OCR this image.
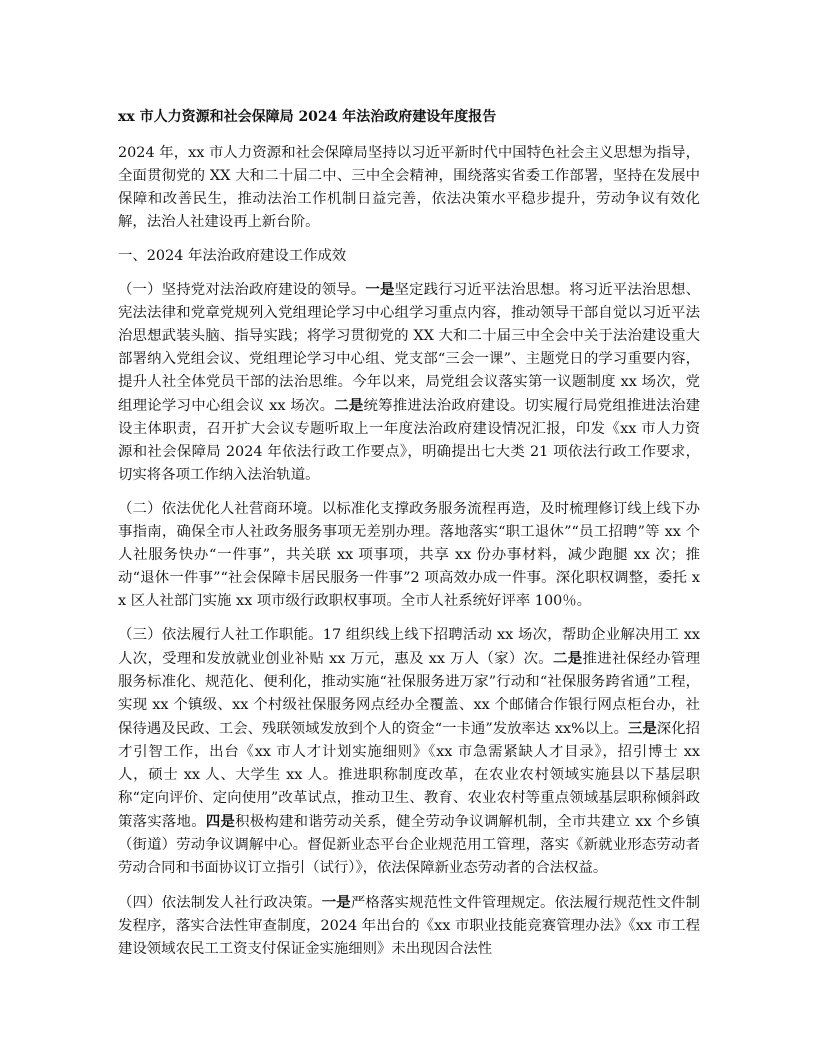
xx 市人力资源和社会保障局 2024 年法治政府建设年度报告

2024 年，xx 市人力资源和社会保障局坚持以习近平新时代中国特色社会主义思想为指导，全面贯彻党的 XX 大和二十届二中、三中全会精神，围绕落实省委工作部署，坚持在发展中保障和改善民生，推动法治工作机制日益完善，依法决策水平稳步提升，劳动争议有效化解，法治人社建设再上新台阶。

一、2024 年法治政府建设工作成效

（一）坚持党对法治政府建设的领导。一是坚定践行习近平法治思想。将习近平法治思想、宪法法律和党章党规列入党组理论学习中心组学习重点内容，推动领导干部自觉以习近平法治思想武装头脑、指导实践；将学习贯彻党的 XX 大和二十届三中全会中关于法治建设重大部署纳入党组会议、党组理论学习中心组、党支部“三会一课”、主题党日的学习重要内容，提升人社全体党员干部的法治思维。今年以来，局党组会议落实第一议题制度 xx 场次，党组理论学习中心组会议 xx 场次。二是统筹推进法治政府建设。切实履行局党组推进法治建设主体职责，召开扩大会议专题听取上一年度法治政府建设情况汇报，印发《xx 市人力资源和社会保障局 2024 年依法行政工作要点》，明确提出七大类 21 项依法行政工作要求，切实将各项工作纳入法治轨道。

（二）依法优化人社营商环境。以标准化支撑政务服务流程再造，及时梳理修订线上线下办事指南，确保全市人社政务服务事项无差别办理。落地落实“职工退休”“员工招聘”等 xx 个人社服务快办“一件事”，共关联 xx 项事项，共享 xx 份办事材料，减少跑腿 xx 次；推动“退休一件事”“社会保障卡居民服务一件事”2 项高效办成一件事。深化职权调整，委托 xx 区人社部门实施 xx 项市级行政职权事项。全市人社系统好评率 100％。

（三）依法履行人社工作职能。17 组织线上线下招聘活动 xx 场次，帮助企业解决用工 xx 人次，受理和发放就业创业补贴 xx 万元，惠及 xx 万人（家）次。二是推进社保经办管理服务标准化、规范化、便利化，推动实施“社保服务进万家”行动和“社保服务跨省通”工程，实现 xx 个镇级、xx 个村级社保服务网点经办全覆盖、xx 个邮储合作银行网点柜台办，社保待遇及民政、工会、残联领域发放到个人的资金“一卡通”发放率达 xx%以上。三是深化招才引智工作，出台《xx 市人才计划实施细则》《xx 市急需紧缺人才目录》，招引博士 xx 人，硕士 xx 人、大学生 xx 人。推进职称制度改革，在农业农村领域实施县以下基层职称“定向评价、定向使用”改革试点，推动卫生、教育、农业农村等重点领域基层职称倾斜政策落实落地。四是积极构建和谐劳动关系，健全劳动争议调解机制，全市共建立 xx 个乡镇（街道）劳动争议调解中心。督促新业态平台企业规范用工管理，落实《新就业形态劳动者劳动合同和书面协议订立指引（试行）》，依法保障新业态劳动者的合法权益。

（四）依法制发人社行政决策。一是严格落实规范性文件管理规定。依法履行规范性文件制发程序，落实合法性审查制度，2024 年出台的《xx 市职业技能竞赛管理办法》《xx 市工程建设领域农民工工资支付保证金实施细则》未出现因合法性
